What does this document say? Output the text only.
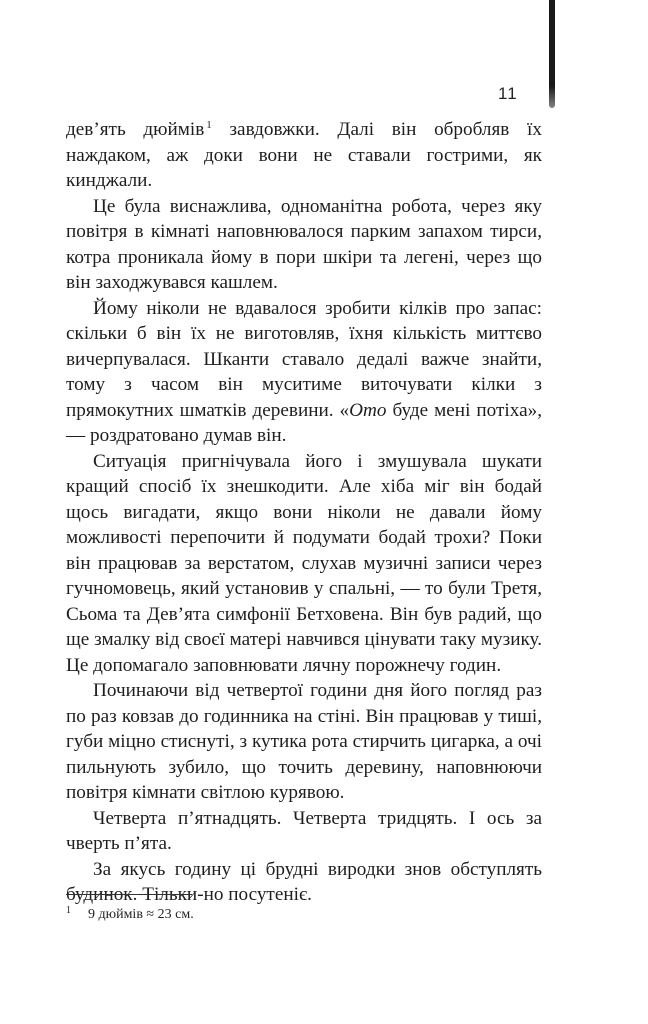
11

дев’ять дюймів $^1$ завдовжки. Далі він обробляв їх наждаком, аж доки вони не ставали гострими, як кинджали.

Це була виснажлива, одноманітна робота, через яку повітря в кімнаті наповнювалося парким запахом тирси, котра проникала йому в пори шкіри та легені, через що він заходжувався кашлем.

Йому ніколи не вдавалося зробити кілків про запас: скільки б він їх не виготовляв, їхня кількість миттєво вичерпувалася. Шканти ставало дедалі важче знайти, тому з часом він муситиме виточувати кілки з прямокутних шматків деревини. «Ото буде мені потіха», — роздратовано думав він.

Ситуація пригнічувала його і змушувала шукати кращий спосіб їх знешкодити. Але хіба міг він бодай щось вигадати, якщо вони ніколи не давали йому можливості перепочити й подумати бодай трохи? Поки він працював за верстатом, слухав музичні записи через гучномовець, який установив у спальні, — то були Третя, Сьома та Дев’ята симфонії Бетховена. Він був радий, що ще змалку від своєї матері навчився цінувати таку музику. Це допомагало заповнювати лячну порожнечу годин.

Починаючи від четвертої години дня його погляд раз по раз ковзав до годинника на стіні. Він працював у тиші, губи міцно стиснуті, з кутика рота стирчить цигарка, а очі пильнують зубило, що точить деревину, наповнюючи повітря кімнати світлою курявою.

Четверта п’ятнадцять. Четверта тридцять. І ось за чверть п’ята.

За якусь годину ці брудні виродки знов обступлять будинок. Тільки-но посутеніє.

1 9 дюймів ≈ 23 см.
